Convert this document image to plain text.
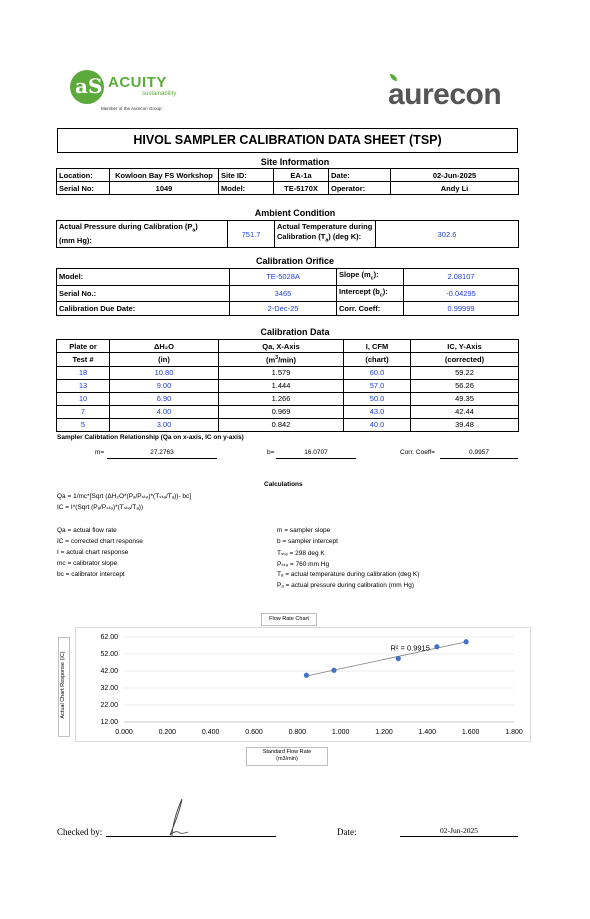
aS ACUITY
sustainability
Member of the Aurecon Group	aurecon
HIVOL SAMPLER CALIBRATION DATA SHEET (TSP)
Site Information
Location:	Kowloon Bay FS Workshop	Site ID:	EA-1a	Date:	02-Jun-2025
Serial No:	1049	Model:	TE-5170X	Operator:	Andy Li
Ambient Condition
Actual Pressure during Calibration $(P_a)$
(mm Hg):	751.7	Actual Temperature during
Calibration $(T_a)$ (deg K):	302.6
Calibration Orifice
Model:	TE-5028A	Slope $(m_c)$:	2.08107
Serial No.:	3465	Intercept $(b_c)$:	-0.04295
Calibration Due Date:	2-Dec-25	Corr. Coeff:	0.99999
Calibration Data
Plate or	ΔH₂O	Qa, X-Axis	I, CFM	IC, Y-Axis
Test #	(in)	$(m^3/\min)$	(chart)	(corrected)
18	10.80	1.579	60.0	59.22
13	9.00	1.444	57.0	56.26
10	6.90	1.266	50.0	49.35
7	4.00	0.969	43.0	42.44
5	3.00	0.842	40.0	39.48
Sampler Calibtation Relationship (Qa on x-axis, IC on y-axis)
m=	27.2763	b=	16.0707	Corr. Coeff=	0.9957
Calculations
Qa = 1/mᴄ*[Sqrt (ΔH₂O*(Pₐ/Pₛₜₔ)*(Tₛₜₔ/Tₐ))- bᴄ]
IC = I*(Sqrt (Pₐ/Pₛₜₔ)*(Tₛₜₔ/Tₐ))
Qa = actual flow rate
IC = corrected chart response
I = actual chart response
mᴄ = calibrator slope
bᴄ = calibrator intercept
m = sampler slope
b = sampler intercept
Tₛₜₔ = 298 deg K
Pₛₜₔ = 760 mm Hg
Tₐ = actual temperature during calibration (deg K)
Pₐ = actual pressure during calibration (mm Hg)
Flow Rate Chart
12.00
22.00
32.00
42.00
52.00
62.00
0.000	0.200	0.400	0.600	0.800	1.000	1.200	1.400	1.600	1.800
R² = 0.9915
Actual Chart Response (IC)
Standard Flow Rate
(m3/min)
Checked by:	Date:	02-Jun-2025
